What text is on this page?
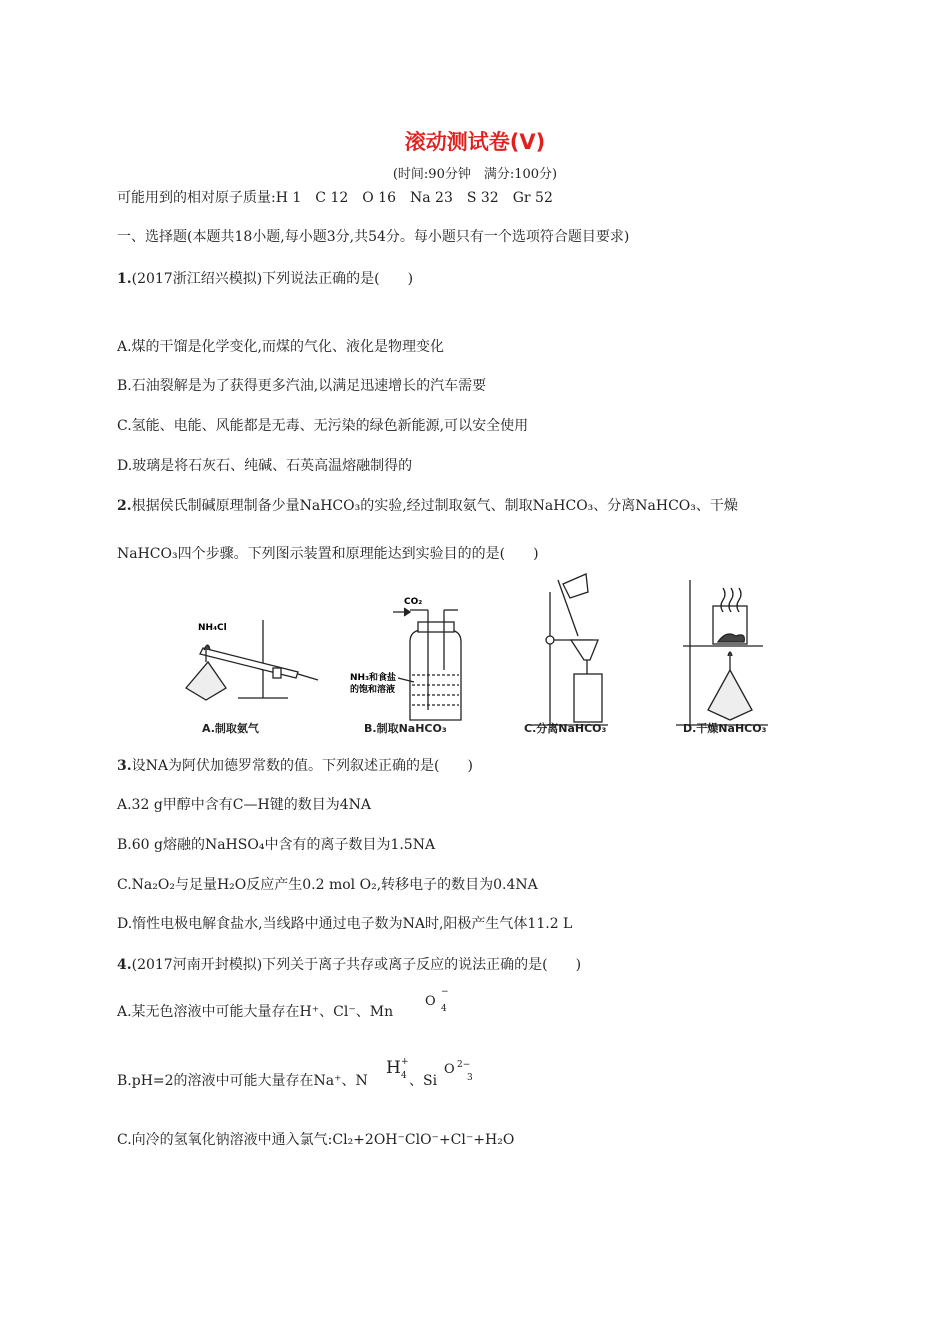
滚动测试卷(Ⅴ)
(时间:90分钟　满分:100分)
可能用到的相对原子质量:H 1　C 12　O 16　Na 23　S 32　Gr 52
一、选择题(本题共18小题,每小题3分,共54分。每小题只有一个选项符合题目要求)
1.(2017浙江绍兴模拟)下列说法正确的是(　　)
A.煤的干馏是化学变化,而煤的气化、液化是物理变化
B.石油裂解是为了获得更多汽油,以满足迅速增长的汽车需要
C.氢能、电能、风能都是无毒、无污染的绿色新能源,可以安全使用
D.玻璃是将石灰石、纯碱、石英高温熔融制得的
2.根据侯氏制碱原理制备少量NaHCO₃的实验,经过制取氨气、制取NaHCO₃、分离NaHCO₃、干燥
NaHCO₃四个步骤。下列图示装置和原理能达到实验目的的是(　　)
NH₄Cl
CO₂
NH₃和食盐
的饱和溶液
A.制取氨气	B.制取NaHCO₃	C.分离NaHCO₃	D.干燥NaHCO₃
3.设NA为阿伏加德罗常数的值。下列叙述正确的是(　　)
A.32 g甲醇中含有C—H键的数目为4NA
B.60 g熔融的NaHSO₄中含有的离子数目为1.5NA
C.Na₂O₂与足量H₂O反应产生0.2 mol O₂,转移电子的数目为0.4NA
D.惰性电极电解食盐水,当线路中通过电子数为NA时,阳极产生气体11.2 L
4.(2017河南开封模拟)下列关于离子共存或离子反应的说法正确的是(　　)
A.某无色溶液中可能大量存在H⁺、Cl⁻、Mn
O
−
4
B.pH=2的溶液中可能大量存在Na⁺、N
H +
4 、Si
O 2−
3
C.向冷的氢氧化钠溶液中通入氯气:Cl₂+2OH⁻ClO⁻+Cl⁻+H₂O
